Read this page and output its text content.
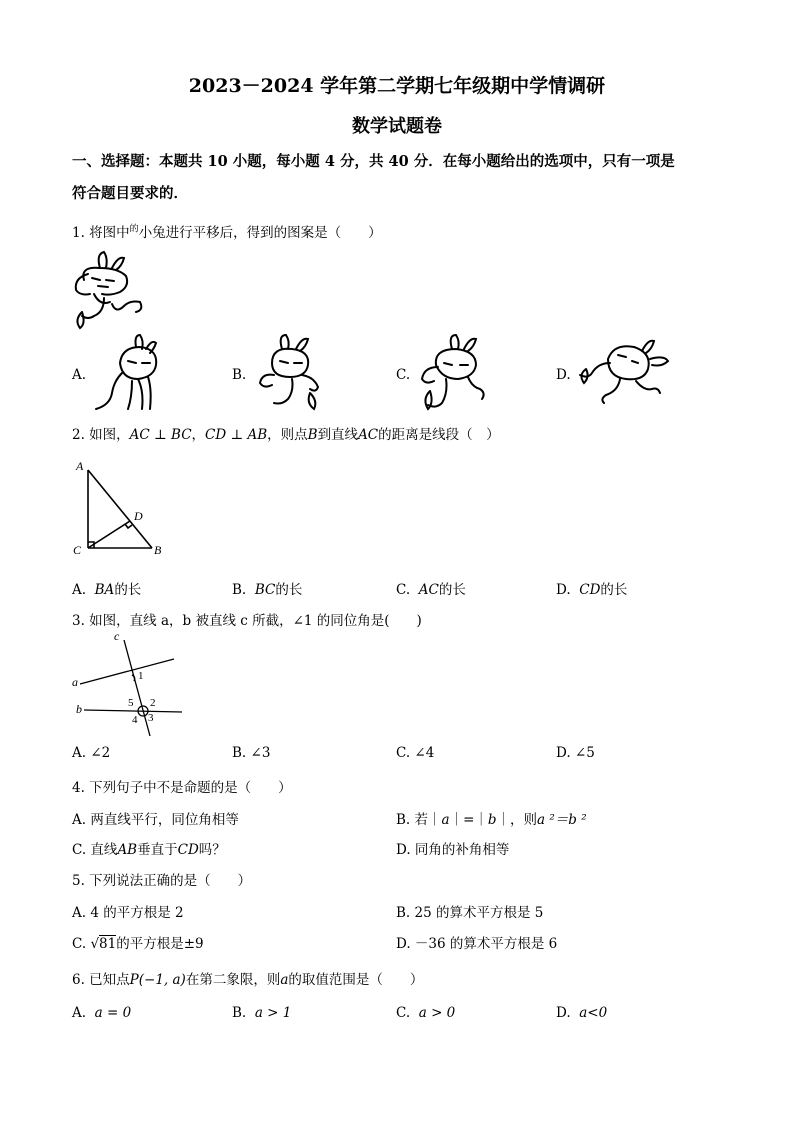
2023－2024 学年第二学期七年级期中学情调研
数学试题卷
一、选择题：本题共 10 小题，每小题 4 分，共 40 分．在每小题给出的选项中，只有一项是
符合题目要求的．
1. 将图中$^的$小兔进行平移后，得到的图案是（　　）
A.	B.	C.	D.
2. 如图，AC ⊥ BC，CD ⊥ AB，则点B到直线AC的距离是线段（　）
A
D
C	B
A. BA的长	B. BC的长	C. AC的长	D. CD的长
3. 如图，直线 a，b 被直线 c 所截，∠1 的同位角是(　　)
c
a
b
1
5 2
4 3
A. ∠2	B. ∠3	C. ∠4	D. ∠5
4. 下列句子中不是命题的是（　　）
A. 两直线平行，同位角相等	B. 若｜a｜=｜b｜，则a ²＝b ²
C. 直线AB垂直于CD吗？	D. 同角的补角相等
5. 下列说法正确的是（　　）
A. 4 的平方根是 2	B. 25 的算术平方根是 5
C. √81的平方根是±9	D. －36 的算术平方根是 6
6. 已知点P(−1, a)在第二象限，则a的取值范围是（　　）
A. a = 0	B. a > 1	C. a > 0	D. a<0
